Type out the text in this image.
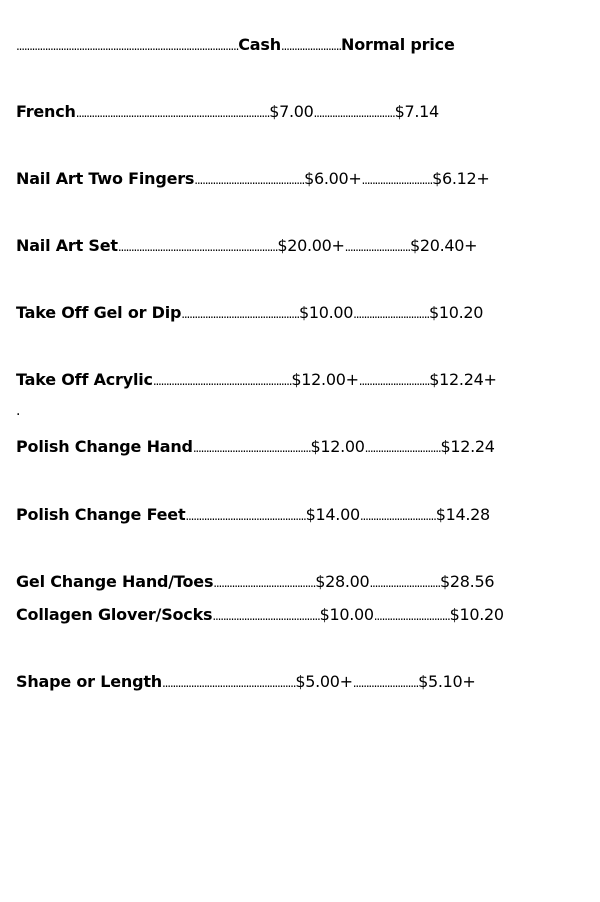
.....................................................................................Cash.......................Normal price
French..........................................................................$7.00...............................$7.14
Nail Art Two Fingers..........................................$6.00+...........................$6.12+
Nail Art Set.............................................................$20.00+.........................$20.40+
Take Off Gel or Dip.............................................$10.00.............................$10.20
Take Off Acrylic.....................................................$12.00+...........................$12.24+
.
Polish Change Hand.............................................$12.00.............................$12.24
Polish Change Feet..............................................$14.00.............................$14.28
Gel Change Hand/Toes.......................................$28.00...........................$28.56
Collagen Glover/Socks.........................................$10.00.............................$10.20
Shape or Length...................................................$5.00+.........................$5.10+
